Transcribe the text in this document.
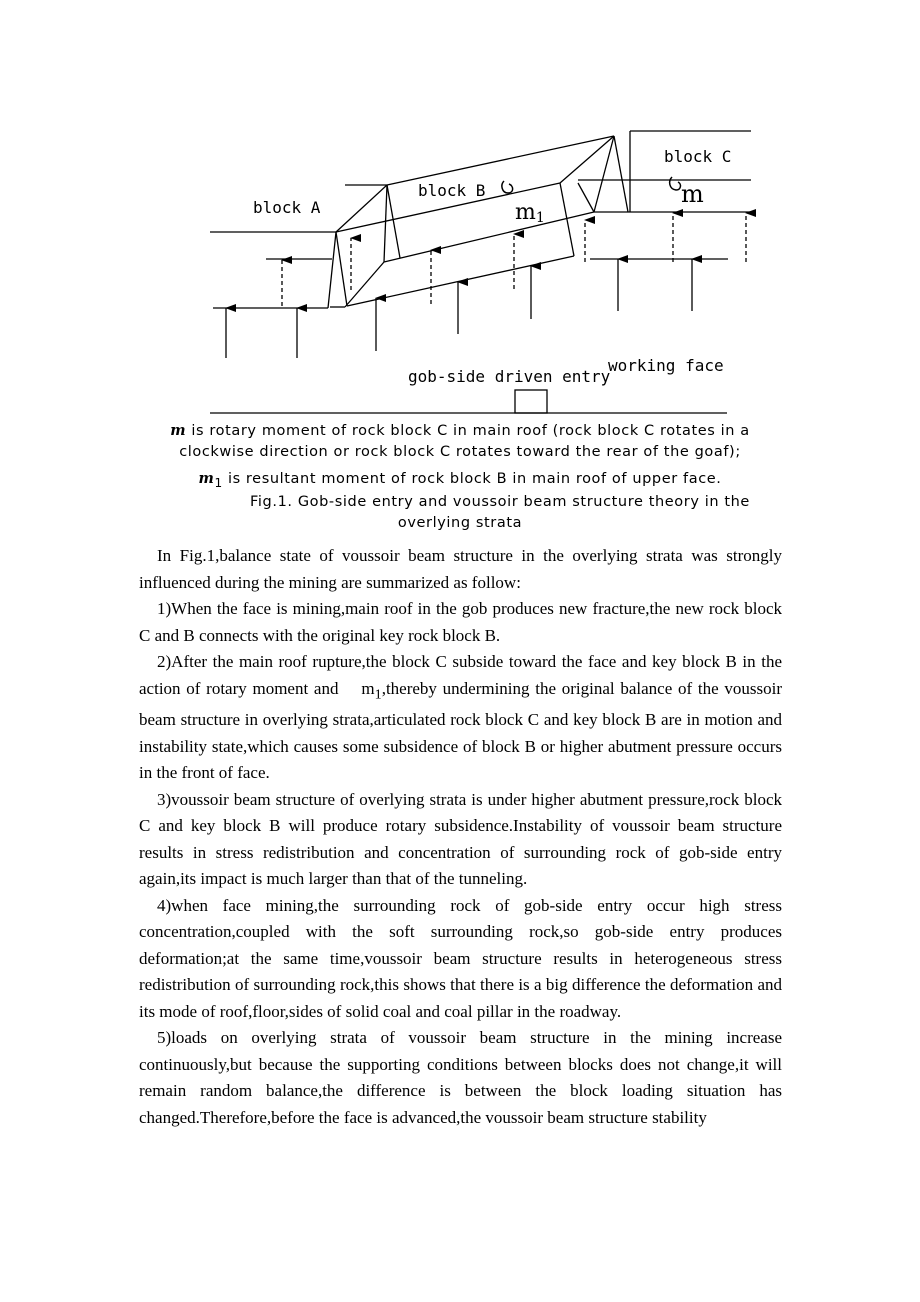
block A
block B
block C
m
m1
gob-side driven entry
working face
m is rotary moment of rock block C in main roof (rock block C rotates in a
clockwise direction or rock block C rotates toward the rear of the goaf);
$m_1$ is resultant moment of rock block B in main roof of upper face.
Fig.1. Gob-side entry and voussoir beam structure theory in the
overlying strata

In Fig.1,balance state of voussoir beam structure in the overlying strata was strongly influenced during the mining are summarized as follow:

1)When the face is mining,main roof in the gob produces new fracture,the new rock block C and B connects with the original key rock block B.

2)After the main roof rupture,the block C subside toward the face and key block B in the action of rotary moment and $m_1,thereby$ undermining the original balance of the voussoir beam structure in overlying strata,articulated rock block C and key block B are in motion and instability state,which causes some subsidence of block B or higher abutment pressure occurs in the front of face.

3)voussoir beam structure of overlying strata is under higher abutment pressure,rock block C and key block B will produce rotary subsidence.Instability of voussoir beam structure results in stress redistribution and concentration of surrounding rock of gob-side entry again,its impact is much larger than that of the tunneling.

4)when face mining,the surrounding rock of gob-side entry occur high stress concentration,coupled with the soft surrounding rock,so gob-side entry produces deformation;at the same time,voussoir beam structure results in heterogeneous stress redistribution of surrounding rock,this shows that there is a big difference the deformation and its mode of roof,floor,sides of solid coal and coal pillar in the roadway.

5)loads on overlying strata of voussoir beam structure in the mining increase continuously,but because the supporting conditions between blocks does not change,it will remain random balance,the difference is between the block loading situation has changed.Therefore,before the face is advanced,the voussoir beam structure stability
